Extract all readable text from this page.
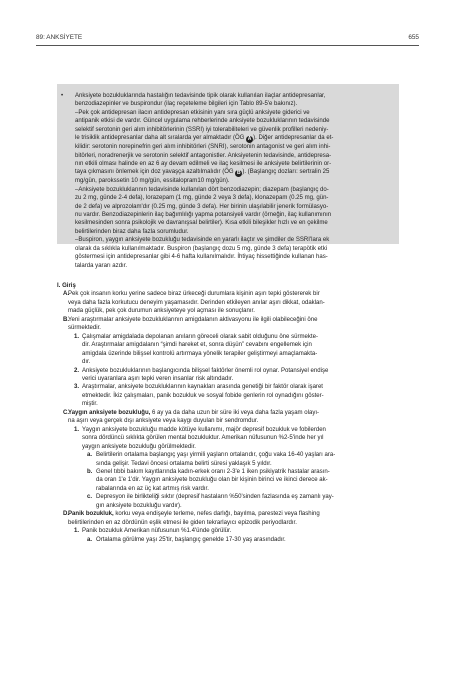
89: ANKSİYETE	655

• Anksiyete bozukluklarında hastalığın tedavisinde tipik olarak kullanılan ilaçlar antidepresanlar,
benzodiazepinler ve buspirondur (ilaç reçeteleme bilgileri için Tablo 89-5'e bakınız).
–Pek çok antidepresan ilacın antidepresan etkisinin yanı sıra güçlü anksiyete giderici ve
antipanik etkisi de vardır. Güncel uygulama rehberlerinde anksiyete bozukluklarının tedavisinde
selektif serotonin geri alım inhibitörlerinin (SSRI) iyi tolerabiliteleri ve güvenlik profilleri nedeniy-
le trisiklik antidepresanlar daha alt sıralarda yer almaktadır (ÖG A ). Diğer antidepresanlar da et-
kilidir: serotonin norepinefrin geri alım inhibitörleri (SNRI), serotonin antagonist ve geri alım inhi-
bitörleri, noradrenerjik ve serotonin selektif antagonistler. Anksiyetenin tedavisinde, antidepresa-
nın etkili olması halinde en az 6 ay devam edilmeli ve ilaç kesilmesi ile anksiyete belirtilerinin or-
taya çıkmasını önlemek için doz yavaşça azaltılmalıdır (ÖG B ). (Başlangıç dozları: sertralin 25
mg/gün, parokssetin 10 mg/gün, essitalopram10 mg/gün).
–Anksiyete bozukluklarının tedavisinde kullanılan dört benzodiazepin; diazepam (başlangıç do-
zu 2 mg, günde 2-4 defa), lorazepam (1 mg, günde 2 veya 3 defa), klonazepam (0.25 mg, gün-
de 2 defa) ve alprozolam'dır (0.25 mg, günde 3 defa). Her birinin ulaşılabilir jenerik formülasyo-
nu vardır. Benzodiazepinlerin ilaç bağımlılığı yapma potansiyeli vardır (örneğin, ilaç kullanımının
kesilmesinden sonra psikolojik ve davranışsal belirtiler). Kısa etkili bileşikler hızlı ve en çekilme
belirtilerinden biraz daha fazla sorumludur.
–Buspiron, yaygın anksiyete bozukluğu tedavisinde en yararlı ilaçtır ve şimdiler de SSRI'lara ek
olarak da sıklıkla kullanılmaktadır. Buspiron (başlangıç dozu 5 mg, günde 3 defa) terapötik etki
göstermesi için antidepresanlar gibi 4-6 hafta kullanılmalıdır. İhtiyaç hissettiğinde kullanan has-
talarda yararı azdır.

I. Giriş
A.
Pek çok insanın korku yerine sadece biraz ürkeceği durumlara kişinin aşırı tepki göstererek bir
veya daha fazla korkutucu deneyim yaşamasıdır. Derinden etkileyen anılar aşırı dikkat, odaklan-
mada güçlük, pek çok durumun anksiyeteye yol açması ile sonuçlanır.
B.
Yeni araştırmalar anksiyete bozukluklarının amigdalanın aktivasyonu ile ilgili olabileceğini öne
sürmektedir.
1. Çalışmalar amigdalada depolanan anıların göreceli olarak sabit olduğunu öne sürmekte-
dir. Araştırmalar amigdalanın “şimdi hareket et, sonra düşün” cevabını engellemek için
amigdala üzerinde bilişsel kontrolü artırmaya yönelik terapiler geliştirmeyi amaçlamakta-
dır.
2. Anksiyete bozukluklarının başlangıcında bilişsel faktörler önemli rol oynar. Potansiyel endişe
verici uyaranlara aşırı tepki veren insanlar risk altındadır.
3. Araştırmalar, anksiyete bozukluklarının kaynakları arasında genetiği bir faktör olarak işaret
etmektedir. İkiz çalışmaları, panik bozukluk ve sosyal fobide genlerin rol oynadığını göster-
miştir.
C.
Yaygın anksiyete bozukluğu, 6 ay ya da daha uzun bir süre iki veya daha fazla yaşam olayı-
na aşırı veya gerçek dışı anksiyete veya kaygı duyulan bir sendromdur.
1. Yaygın anksiyete bozukluğu madde kötüye kullanımı, majör depresif bozukluk ve fobilerden
sonra dördüncü sıklıkta görülen mental bozukluktur. Amerikan nüfusunun %2-5'inde her yıl
yaygın anksiyete bozukluğu görülmektedir.
a. Belirtilerin ortalama başlangıç yaşı yirmili yaşların ortalarıdır, çoğu vaka 16-40 yaşları ara-
sında gelişir. Tedavi öncesi ortalama belirti süresi yaklaşık 5 yıldır.
b. Genel tıbbi bakım kayıtlarında kadın-erkek oranı 2-3'e 1 iken psikiyatrik hastalar arasın-
da oran 1'e 1'dir. Yaygın anksiyete bozukluğu olan bir kişinin birinci ve ikinci derece ak-
rabalarında en az üç kat artmış risk vardır.
c. Depresyon ile birlikteliği sıktır (depresif hastaların %50'sinden fazlasında eş zamanlı yay-
gın anksiyete bozukluğu vardır).
D.
Panik bozukluk, korku veya endişeyle terleme, nefes darlığı, bayılma, parestezi veya flashing
belirtilerinden en az dördünün eşlik etmesi ile giden tekrarlayıcı epizodik periyodlardır.
1. Panik bozukluk Amerikan nüfusunun %1.4'ünde görülür.
a. Ortalama görülme yaşı 25'tir, başlangıç genelde 17-30 yaş arasındadır.
